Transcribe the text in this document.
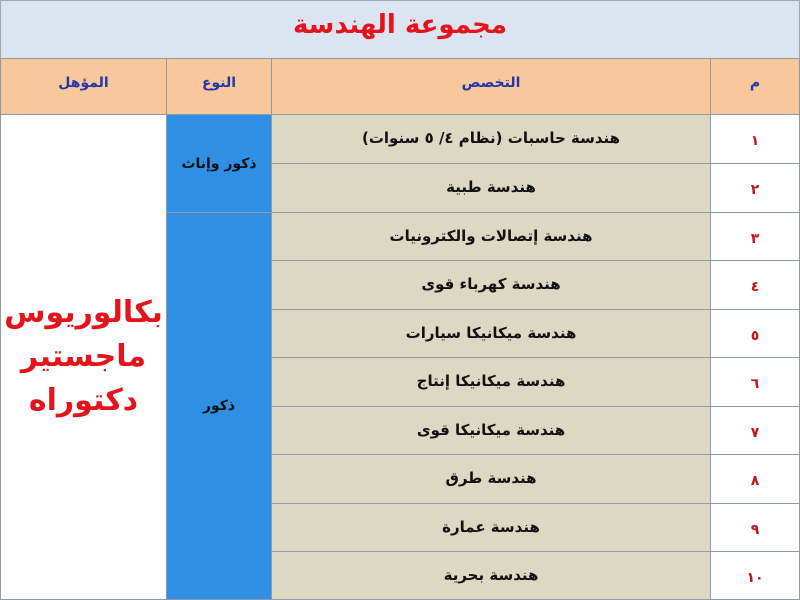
مجموعة الهندسة
م
التخصص
النوع
المؤهل
١
هندسة حاسبات (نظام ٤/ ٥ سنوات)
٢
هندسة طبية
٣
هندسة إتصالات والكترونيات
٤
هندسة كهرباء قوى
٥
هندسة ميكانيكا سيارات
٦
هندسة ميكانيكا إنتاج
٧
هندسة ميكانيكا قوى
٨
هندسة طرق
٩
هندسة عمارة
١٠
هندسة بحرية
ذكور وإناث
ذكور
بكالوريوس
ماجستير
دكتوراه
